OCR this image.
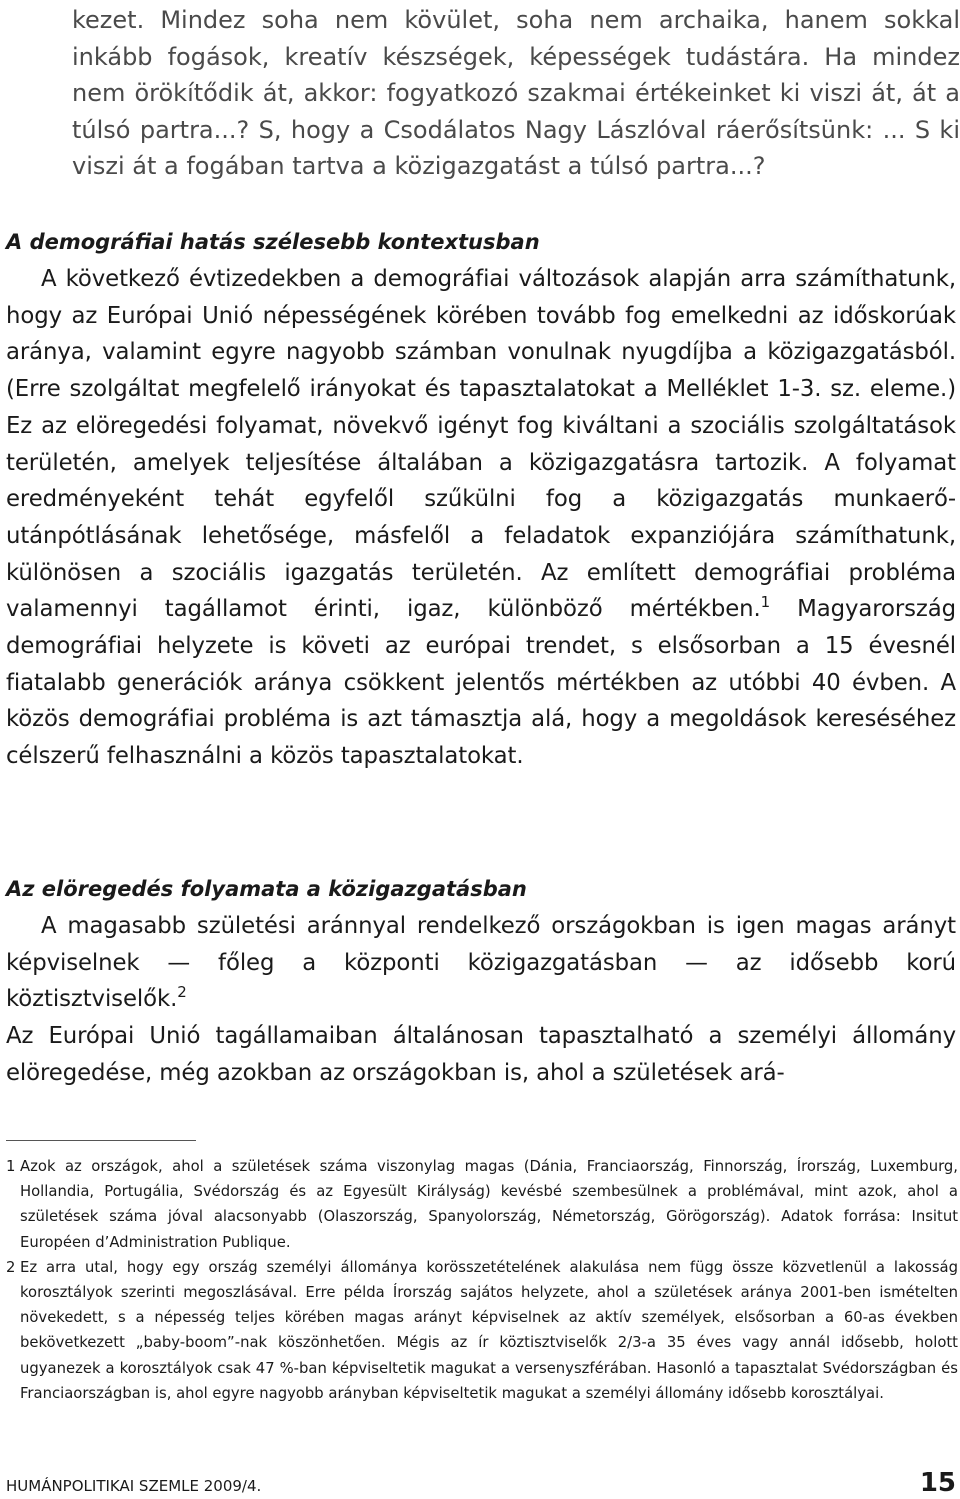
kezet. Mindez soha nem kövület, soha nem archaika, hanem sokkal inkább fogások, kreatív készségek, képességek tudástára. Ha mindez nem örökítődik át, akkor: fogyatkozó szakmai értékeinket ki viszi át, át a túlsó partra...? S, hogy a Csodálatos Nagy Lászlóval ráerősítsünk: ... S ki viszi át a fogában tartva a közigazgatást a túlsó partra...?

A demográfiai hatás szélesebb kontextusban

A következő évtizedekben a demográfiai változások alapján arra számíthatunk, hogy az Európai Unió népességének körében tovább fog emelkedni az időskorúak aránya, valamint egyre nagyobb számban vonulnak nyugdíjba a közigazgatásból. (Erre szolgáltat megfelelő irányokat és tapasztalatokat a Melléklet 1-3. sz. eleme.) Ez az elöregedési folyamat, növekvő igényt fog kiváltani a szociális szolgáltatások területén, amelyek teljesítése általában a közigazgatásra tartozik. A folyamat eredményeként tehát egyfelől szűkülni fog a közigazgatás munkaerő-utánpótlásának lehetősége, másfelől a feladatok expanziójára számíthatunk, különösen a szociális igazgatás területén. Az említett demográfiai probléma valamennyi tagállamot érinti, igaz, különböző mértékben.$^1$ Magyarország demográfiai helyzete is követi az európai trendet, s elsősorban a 15 évesnél fiatalabb generációk aránya csökkent jelentős mértékben az utóbbi 40 évben. A közös demográfiai probléma is azt támasztja alá, hogy a megoldások kereséséhez célszerű felhasználni a közös tapasztalatokat.

Az elöregedés folyamata a közigazgatásban

A magasabb születési aránnyal rendelkező országokban is igen magas arányt képviselnek — főleg a központi közigazgatásban — az idősebb korú köztisztviselők.$^2$

Az Európai Unió tagállamaiban általánosan tapasztalható a személyi állomány elöregedése, még azokban az országokban is, ahol a születések ará-

1 Azok az országok, ahol a születések száma viszonylag magas (Dánia, Franciaország, Finnország, Írország, Luxemburg, Hollandia, Portugália, Svédország és az Egyesült Királyság) kevésbé szembesülnek a problémával, mint azok, ahol a születések száma jóval alacsonyabb (Olaszország, Spanyolország, Németország, Görögország). Adatok forrása: Insitut Européen d’Administration Publique.

2 Ez arra utal, hogy egy ország személyi állománya korösszetételének alakulása nem függ össze közvetlenül a lakosság korosztályok szerinti megoszlásával. Erre példa Írország sajátos helyzete, ahol a születések aránya 2001-ben ismételten növekedett, s a népesség teljes körében magas arányt képviselnek az aktív személyek, elsősorban a 60-as években bekövetkezett „baby-boom”-nak köszönhetően. Mégis az ír köztisztviselők 2/3-a 35 éves vagy annál idősebb, holott ugyanezek a korosztályok csak 47 %-ban képviseltetik magukat a versenyszférában. Hasonló a tapasztalat Svédországban és Franciaországban is, ahol egyre nagyobb arányban képviseltetik magukat a személyi állomány idősebb korosztályai.

HUMÁNPOLITIKAI SZEMLE 2009/4.	15
